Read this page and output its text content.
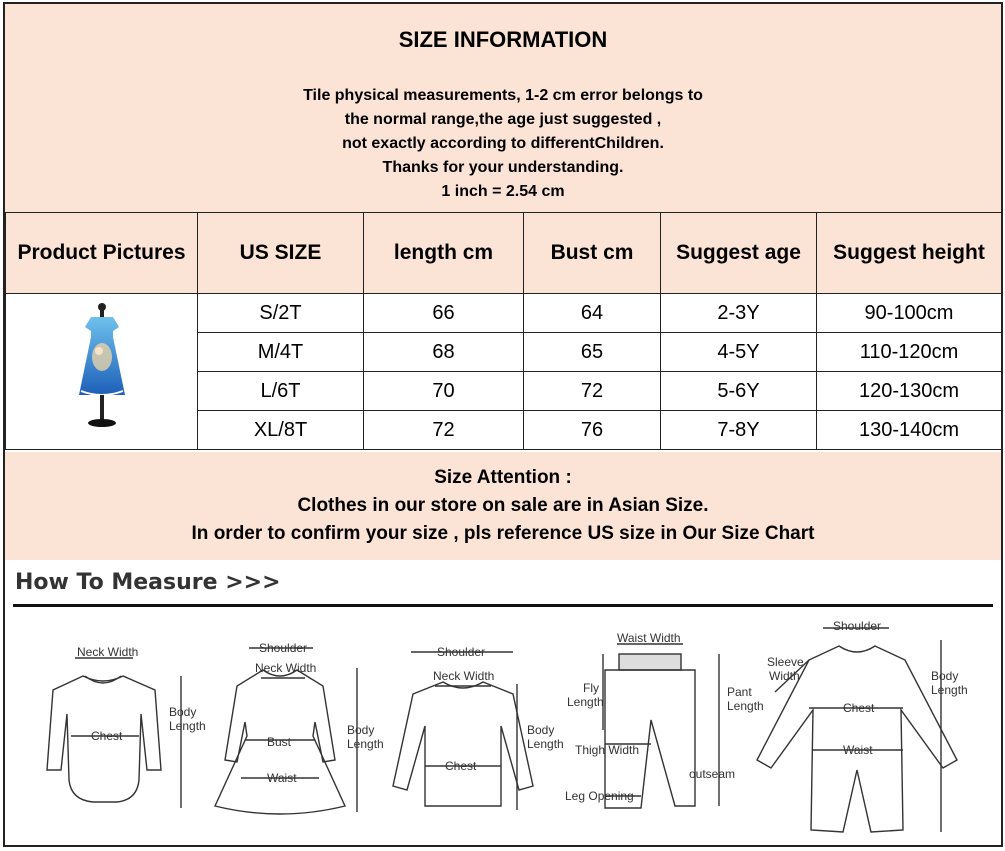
SIZE INFORMATION
Tile physical measurements, 1-2 cm error belongs to
the normal range,the age just suggested ,
not exactly according to differentChildren.
Thanks for your understanding.
1 inch = 2.54 cm
Product Pictures	US SIZE	length cm	Bust cm	Suggest age	Suggest height
	S/2T	66	64	2-3Y	90-100cm
	M/4T	68	65	4-5Y	110-120cm
	L/6T	70	72	5-6Y	120-130cm
	XL/8T	72	76	7-8Y	130-140cm
Size Attention :
Clothes in our store on sale are in Asian Size.
In order to confirm your size , pls reference US size in Our Size Chart
How To Measure >>>
Neck Width
Chest
Body
Length
Shoulder
Neck Width
Bust
Waist
Body
Length
Shoulder
Neck Width
Chest
Body
Length
Waist Width
Fly
Length
Thigh Width
Leg Opening
Pant
Length
outseam
Shoulder
Sleeve
Width
Chest
Waist
Body
Length
